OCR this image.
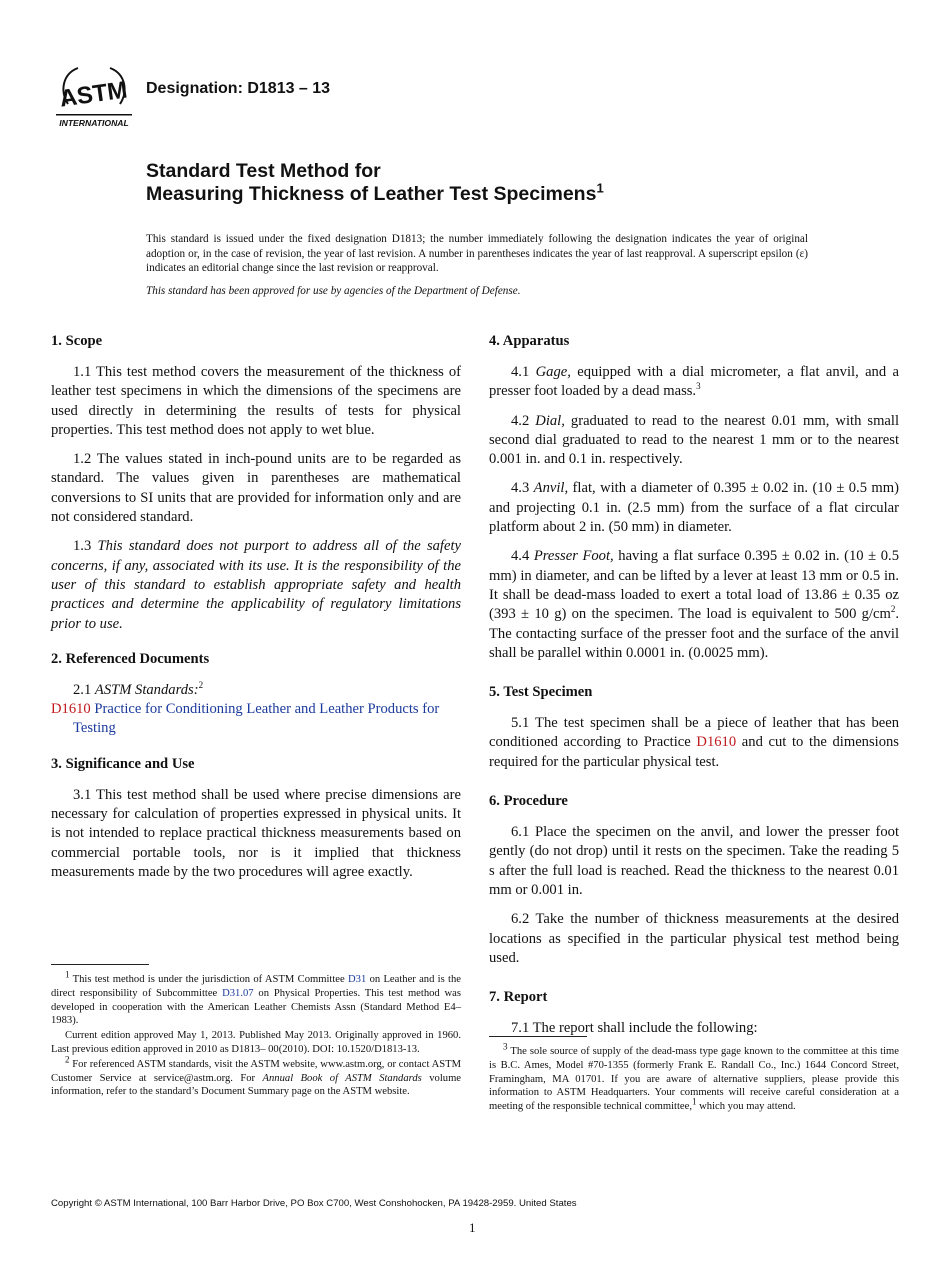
ASTM
INTERNATIONAL
Designation: D1813 – 13
Standard Test Method for
Measuring Thickness of Leather Test Specimens$^1$

This standard is issued under the fixed designation D1813; the number immediately following the designation indicates the year of original adoption or, in the case of revision, the year of last revision. A number in parentheses indicates the year of last reapproval. A superscript epsilon (ε) indicates an editorial change since the last revision or reapproval.

This standard has been approved for use by agencies of the Department of Defense.

1. Scope

1.1 This test method covers the measurement of the thickness of leather test specimens in which the dimensions of the specimens are used directly in determining the results of tests for physical properties. This test method does not apply to wet blue.

1.2 The values stated in inch-pound units are to be regarded as standard. The values given in parentheses are mathematical conversions to SI units that are provided for information only and are not considered standard.

1.3 This standard does not purport to address all of the safety concerns, if any, associated with its use. It is the responsibility of the user of this standard to establish appropriate safety and health practices and determine the applicability of regulatory limitations prior to use.

2. Referenced Documents

2.1 ASTM Standards:$^2$

D1610 Practice for Conditioning Leather and Leather Products for Testing

3. Significance and Use

3.1 This test method shall be used where precise dimensions are necessary for calculation of properties expressed in physical units. It is not intended to replace practical thickness measurements based on commercial portable tools, nor is it implied that thickness measurements made by the two procedures will agree exactly.

$^1$ This test method is under the jurisdiction of ASTM Committee D31 on Leather and is the direct responsibility of Subcommittee D31.07 on Physical Properties. This test method was developed in cooperation with the American Leather Chemists Assn (Standard Method E4–1983).

Current edition approved May 1, 2013. Published May 2013. Originally approved in 1960. Last previous edition approved in 2010 as D1813– 00(2010). DOI: 10.1520/D1813-13.

$^2$ For referenced ASTM standards, visit the ASTM website, www.astm.org, or contact ASTM Customer Service at service@astm.org. For Annual Book of ASTM Standards volume information, refer to the standard’s Document Summary page on the ASTM website.

4. Apparatus

4.1 Gage, equipped with a dial micrometer, a flat anvil, and a presser foot loaded by a dead mass.$^3$

4.2 Dial, graduated to read to the nearest 0.01 mm, with small second dial graduated to read to the nearest 1 mm or to the nearest 0.001 in. and 0.1 in. respectively.

4.3 Anvil, flat, with a diameter of 0.395 ± 0.02 in. (10 ± 0.5 mm) and projecting 0.1 in. (2.5 mm) from the surface of a flat circular platform about 2 in. (50 mm) in diameter.

4.4 Presser Foot, having a flat surface 0.395 ± 0.02 in. (10 ± 0.5 mm) in diameter, and can be lifted by a lever at least 13 mm or 0.5 in. It shall be dead-mass loaded to exert a total load of 13.86 ± 0.35 oz (393 ± 10 g) on the specimen. The load is equivalent to 500 $g/cm^2$. The contacting surface of the presser foot and the surface of the anvil shall be parallel within 0.0001 in. (0.0025 mm).

5. Test Specimen

5.1 The test specimen shall be a piece of leather that has been conditioned according to Practice D1610 and cut to the dimensions required for the particular physical test.

6. Procedure

6.1 Place the specimen on the anvil, and lower the presser foot gently (do not drop) until it rests on the specimen. Take the reading 5 s after the full load is reached. Read the thickness to the nearest 0.01 mm or 0.001 in.

6.2 Take the number of thickness measurements at the desired locations as specified in the particular physical test method being used.

7. Report

7.1 The report shall include the following:

$^3$ The sole source of supply of the dead-mass type gage known to the committee at this time is B.C. Ames, Model #70-1355 (formerly Frank E. Randall Co., Inc.) 1644 Concord Street, Framingham, MA 01701. If you are aware of alternative suppliers, please provide this information to ASTM Headquarters. Your comments will receive careful consideration at a meeting of the responsible technical committee,$^1$ which you may attend.

Copyright © ASTM International, 100 Barr Harbor Drive, PO Box C700, West Conshohocken, PA 19428-2959. United States
1
